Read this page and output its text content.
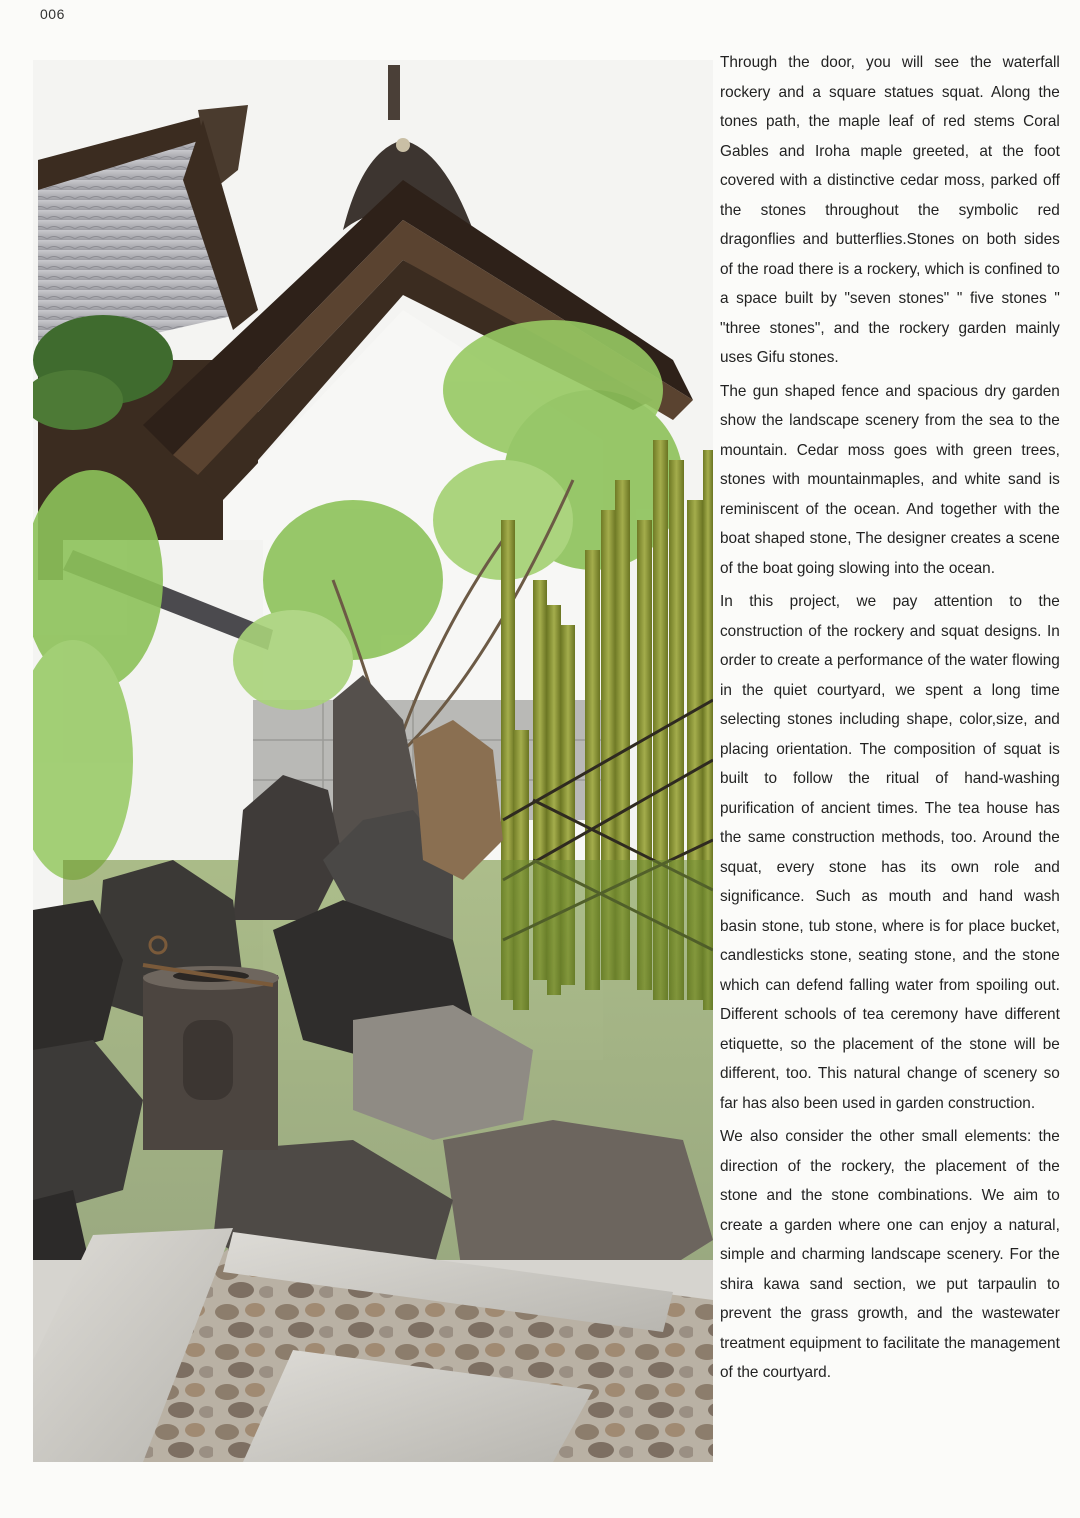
006

Through the door, you will see the waterfall rockery and a square statues squat. Along the tones path, the maple leaf of red stems Coral Gables and Iroha maple greeted, at the foot covered with a distinctive cedar moss, parked off the stones throughout the symbolic red dragonflies and butterflies.Stones on both sides of the road there is a rockery, which is confined to a space built by "seven stones" " five stones " "three stones", and the rockery garden mainly uses Gifu stones.

The gun shaped fence and spacious dry garden show the landscape scenery from the sea to the mountain. Cedar moss goes with green trees, stones with mountainmaples, and white sand is reminiscent of the ocean. And together with the boat shaped stone, The designer creates a scene of the boat going slowing into the ocean.

In this project, we pay attention to the construction of the rockery and squat designs. In order to create a performance of the water flowing in the quiet courtyard, we spent a long time selecting stones including shape, color,size, and placing orientation. The composition of squat is built to follow the ritual of hand-washing purification of ancient times. The tea house has the same construction methods, too. Around the squat, every stone has its own role and significance. Such as mouth and hand wash basin stone, tub stone, where is for place bucket, candlesticks stone, seating stone, and the stone which can defend falling water from spoiling out. Different schools of tea ceremony have different etiquette, so the placement of the stone will be different, too. This natural change of scenery so far has also been used in garden construction.

We also consider the other small elements: the direction of the rockery, the placement of the stone and the stone combinations. We aim to create a garden where one can enjoy a natural, simple and charming landscape scenery. For the shira kawa sand section, we put tarpaulin to prevent the grass growth, and the wastewater treatment equipment to facilitate the management of the courtyard.
